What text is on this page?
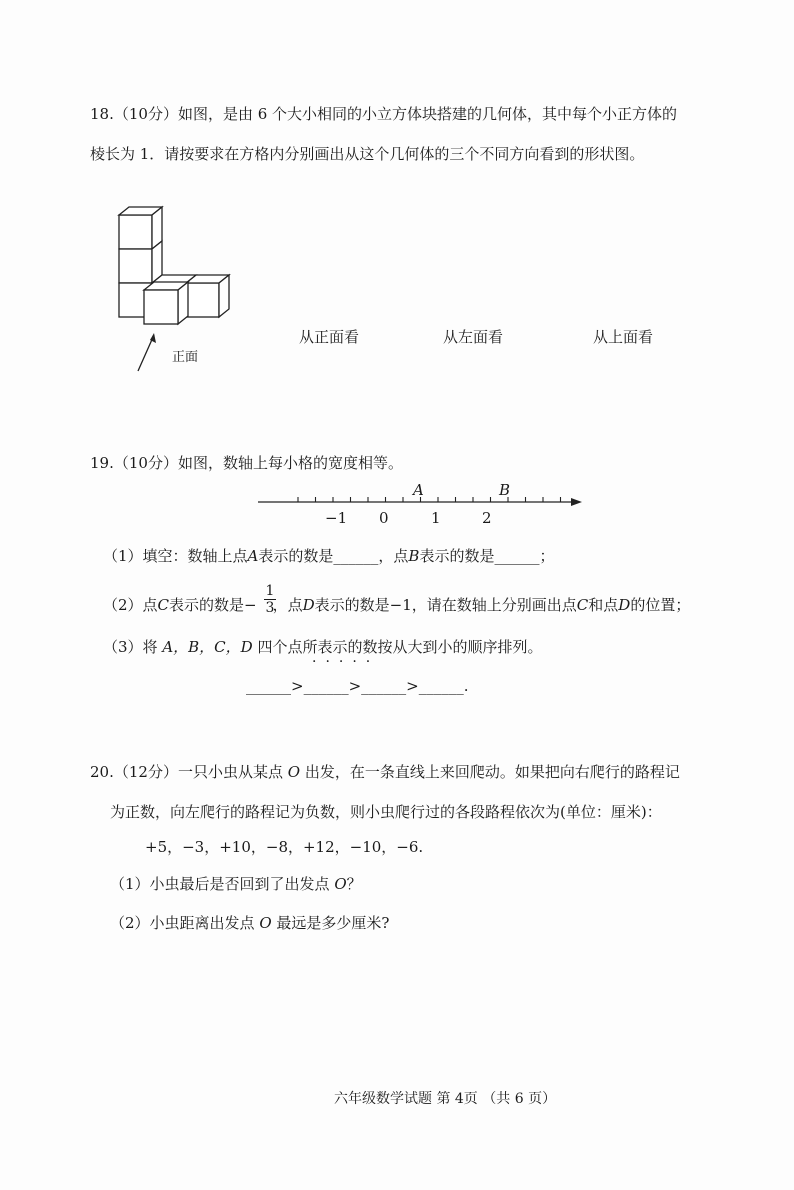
18.（10分）如图，是由 6 个大小相同的小立方体块搭建的几何体，其中每个小正方体的
棱长为 1．请按要求在方格内分别画出从这个几何体的三个不同方向看到的形状图。
正面
从正面看	从左面看	从上面看
19.（10分）如图，数轴上每小格的宽度相等。
−1 0	1	2
A	B
（1）填空：数轴上点A表示的数是______，点B表示的数是______；
（2）点C表示的数是− ，点D表示的数是−1，请在数轴上分别画出点C和点D的位置；
1
3
（3）将 A，B，C，D 四个点所表示的数按从大到小的顺序排列。
·····
______>______>______>______.
20.（12分）一只小虫从某点 O 出发，在一条直线上来回爬动。如果把向右爬行的路程记
为正数，向左爬行的路程记为负数，则小虫爬行过的各段路程依次为(单位：厘米)：
+5，−3，+10，−8，+12，−10，−6.
（1）小虫最后是否回到了出发点 O？
（2）小虫距离出发点 O 最远是多少厘米?
六年级数学试题 第 4页 （共 6 页）
